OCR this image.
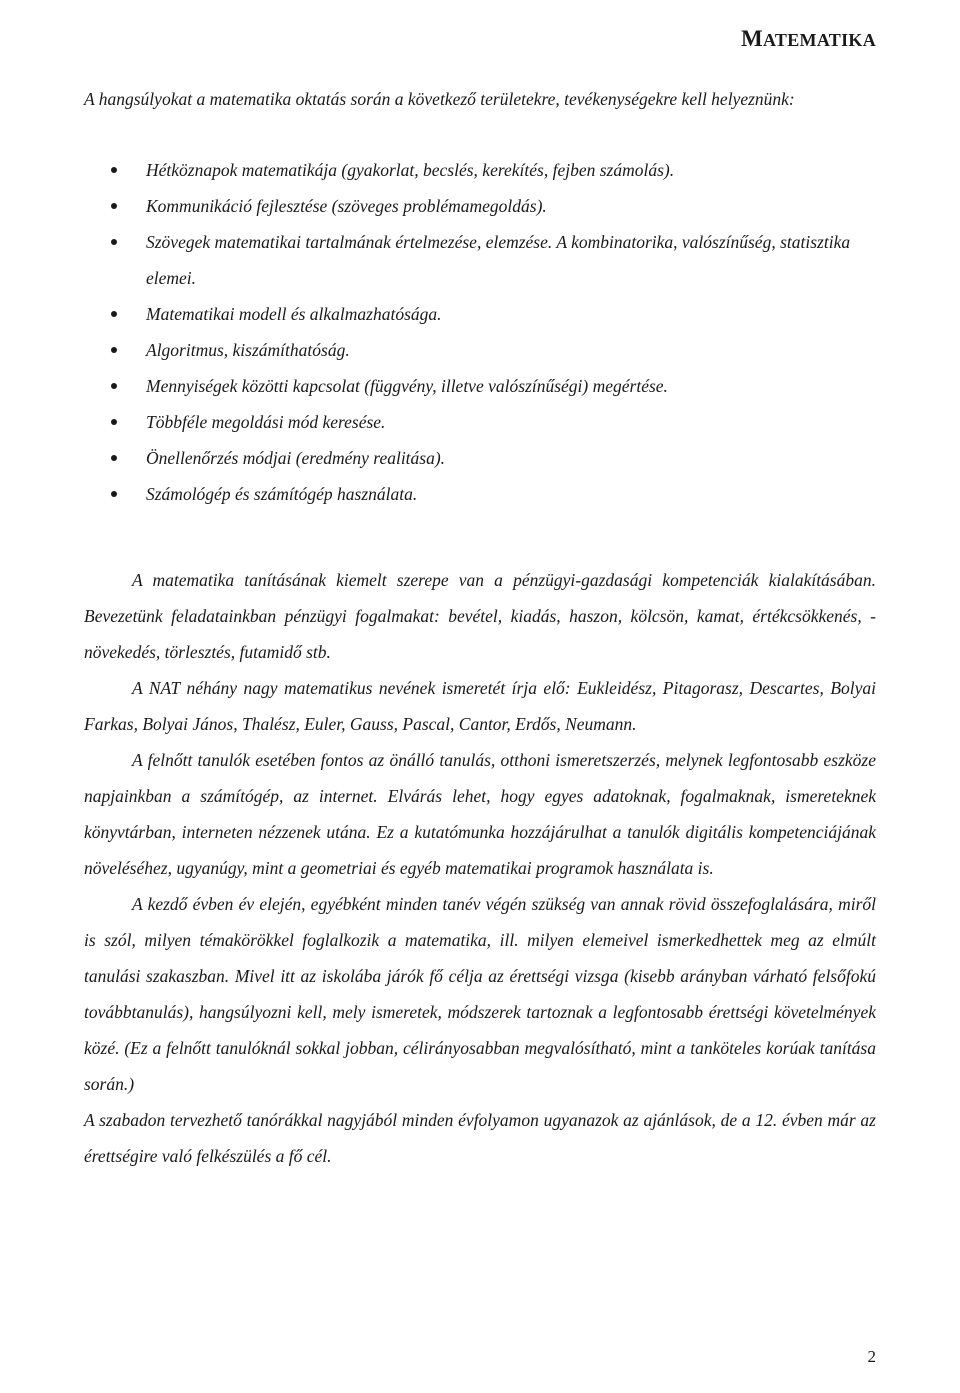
MATEMATIKA
A hangsúlyokat a matematika oktatás során a következő területekre, tevékenységekre kell helyeznünk:
Hétköznapok matematikája (gyakorlat, becslés, kerekítés, fejben számolás).
Kommunikáció fejlesztése (szöveges problémamegoldás).
Szövegek matematikai tartalmának értelmezése, elemzése. A kombinatorika, valószínűség, statisztika elemei.
Matematikai modell és alkalmazhatósága.
Algoritmus, kiszámíthatóság.
Mennyiségek közötti kapcsolat (függvény, illetve valószínűségi) megértése.
Többféle megoldási mód keresése.
Önellenőrzés módjai (eredmény realitása).
Számológép és számítógép használata.

A matematika tanításának kiemelt szerepe van a pénzügyi-gazdasági kompetenciák kialakításában. Bevezetünk feladatainkban pénzügyi fogalmakat: bevétel, kiadás, haszon, kölcsön, kamat, értékcsökkenés, -növekedés, törlesztés, futamidő stb.

A NAT néhány nagy matematikus nevének ismeretét írja elő: Eukleidész, Pitagorasz, Descartes, Bolyai Farkas, Bolyai János, Thalész, Euler, Gauss, Pascal, Cantor, Erdős, Neumann.

A felnőtt tanulók esetében fontos az önálló tanulás, otthoni ismeretszerzés, melynek legfontosabb eszköze napjainkban a számítógép, az internet. Elvárás lehet, hogy egyes adatoknak, fogalmaknak, ismereteknek könyvtárban, interneten nézzenek utána. Ez a kutatómunka hozzájárulhat a tanulók digitális kompetenciájának növeléséhez, ugyanúgy, mint a geometriai és egyéb matematikai programok használata is.

A kezdő évben év elején, egyébként minden tanév végén szükség van annak rövid összefoglalására, miről is szól, milyen témakörökkel foglalkozik a matematika, ill. milyen elemeivel ismerkedhettek meg az elmúlt tanulási szakaszban. Mivel itt az iskolába járók fő célja az érettségi vizsga (kisebb arányban várható felsőfokú továbbtanulás), hangsúlyozni kell, mely ismeretek, módszerek tartoznak a legfontosabb érettségi követelmények közé. (Ez a felnőtt tanulóknál sokkal jobban, célirányosabban megvalósítható, mint a tanköteles korúak tanítása során.)

A szabadon tervezhető tanórákkal nagyjából minden évfolyamon ugyanazok az ajánlások, de a 12. évben már az érettségire való felkészülés a fő cél.

2
